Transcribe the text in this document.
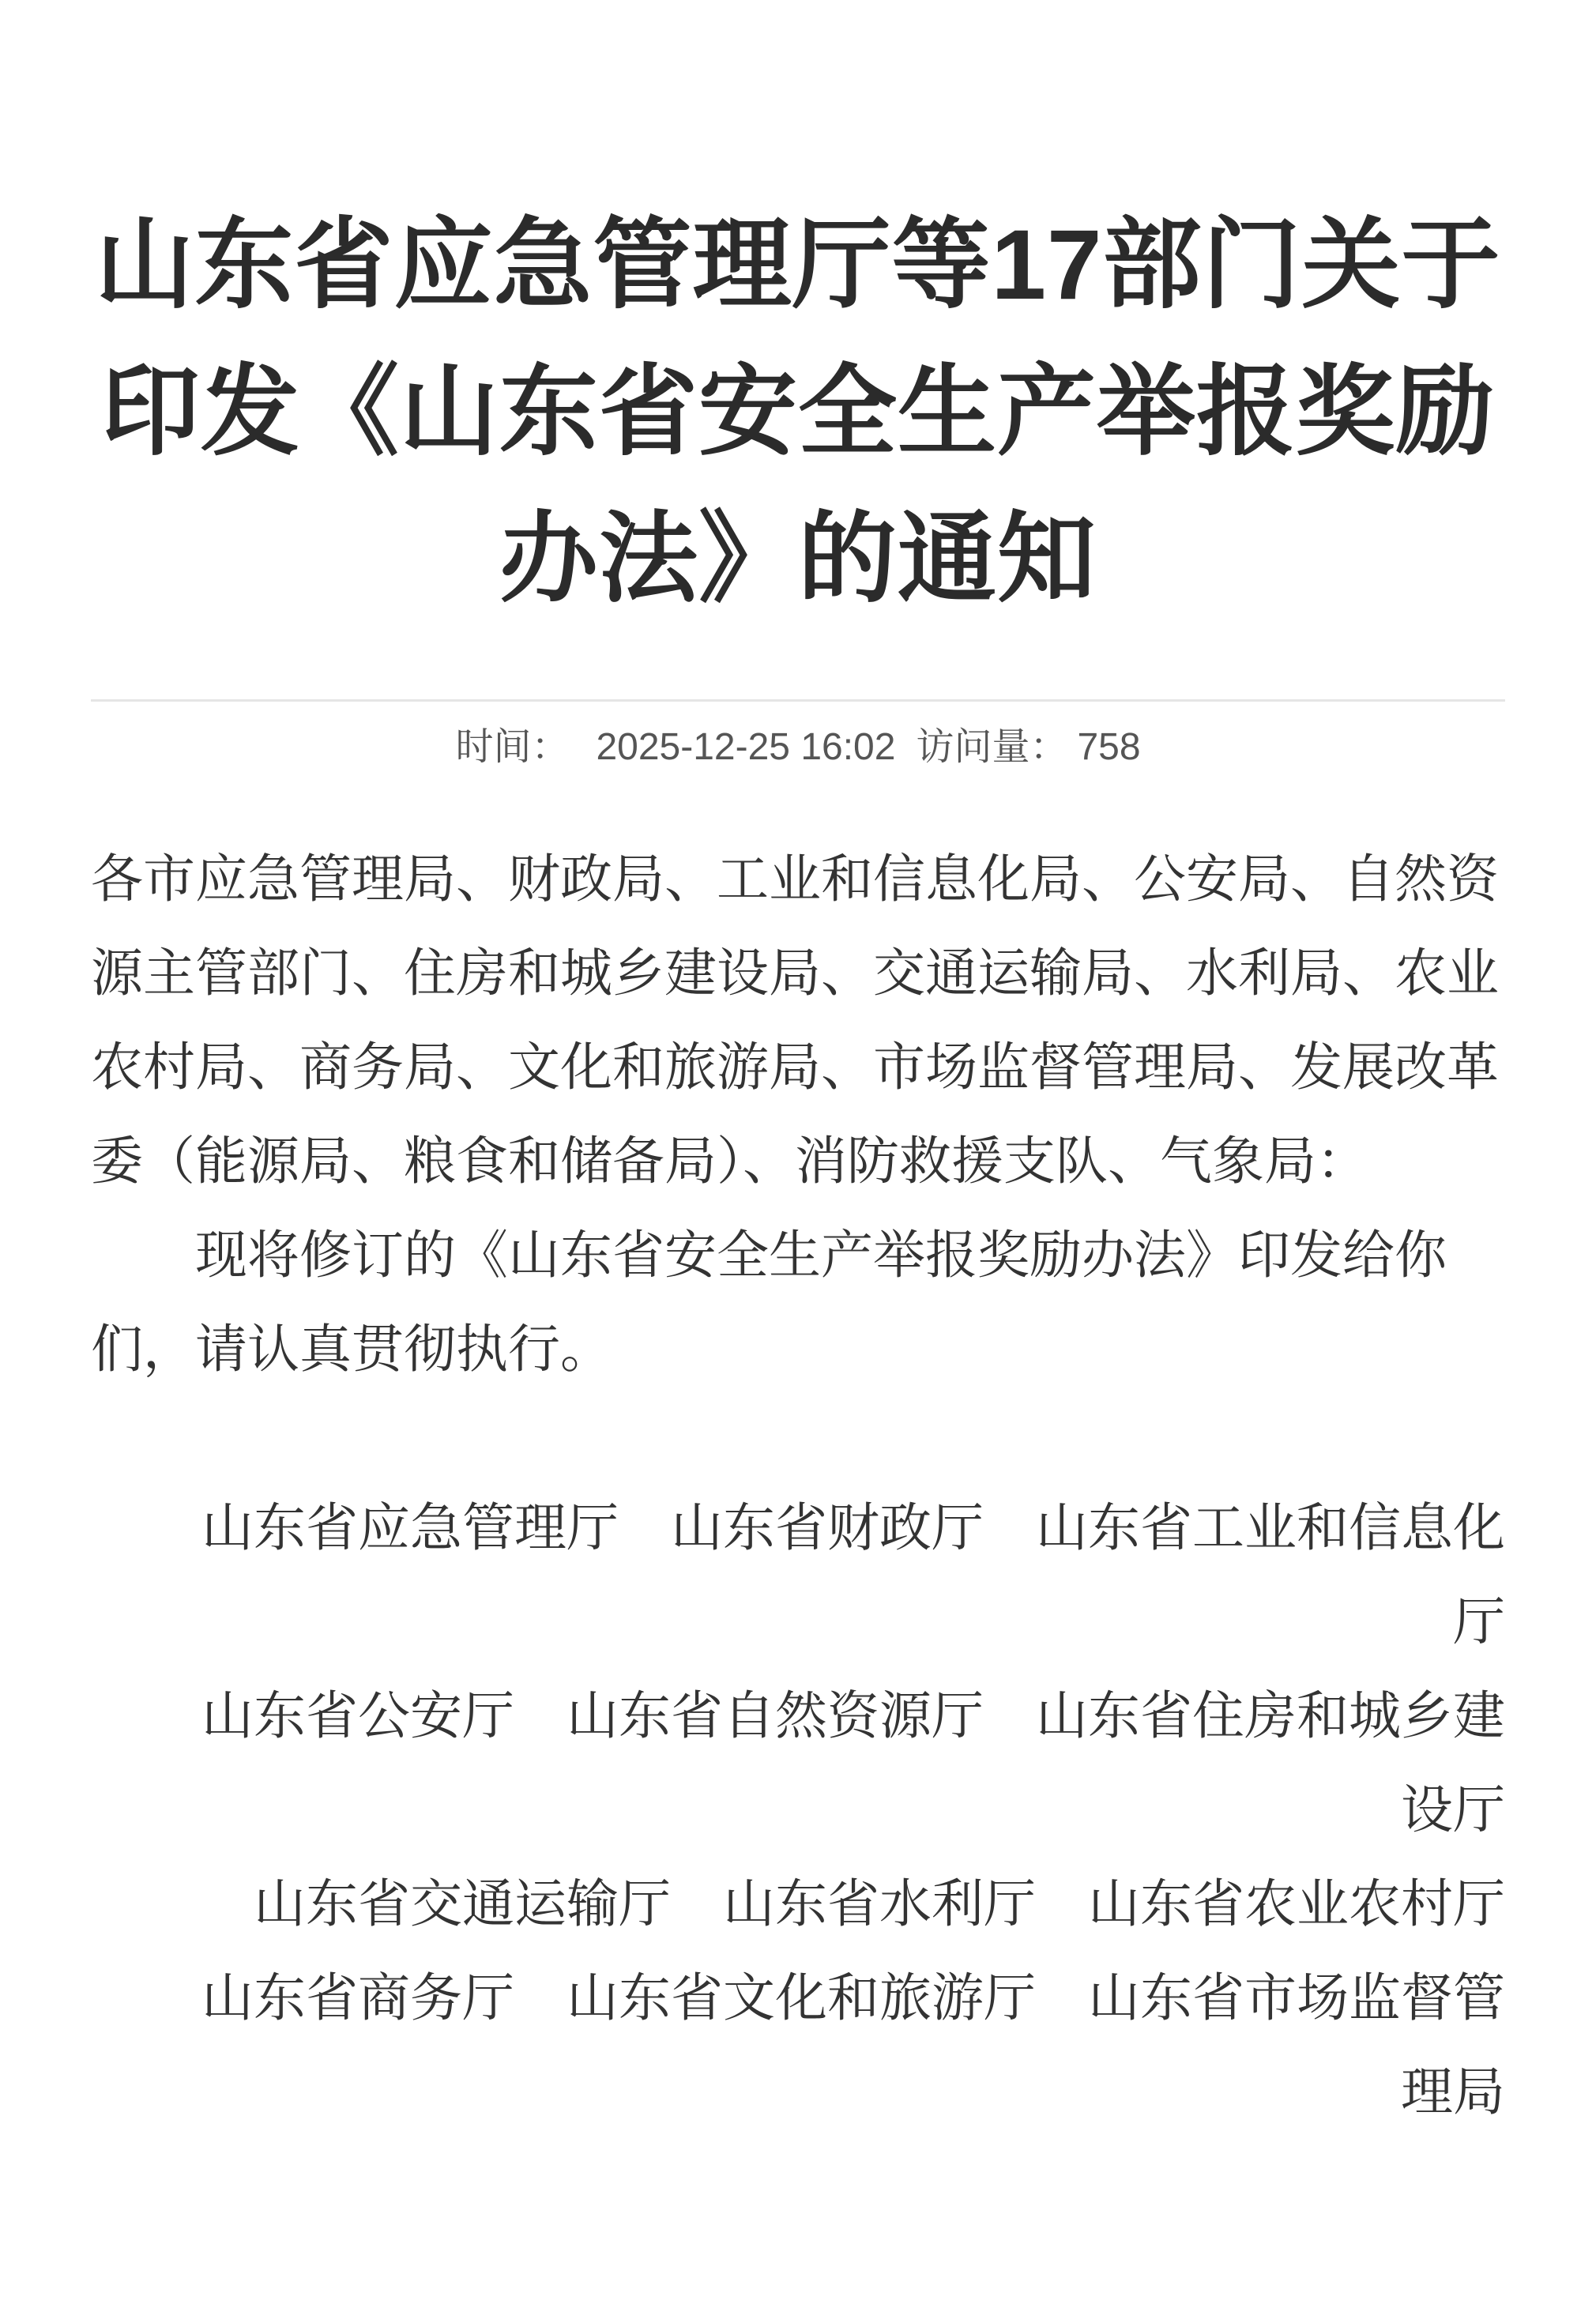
山东省应急管理厅等17部门关于
印发《山东省安全生产举报奖励
办法》的通知
时间： 2025-12-25 16:02 访问量： 758
各市应急管理局、财政局、工业和信息化局、公安局、自然资
源主管部门、住房和城乡建设局、交通运输局、水利局、农业
农村局、商务局、文化和旅游局、市场监督管理局、发展改革
委（能源局、粮食和储备局）、消防救援支队、气象局：
现将修订的《山东省安全生产举报奖励办法》印发给你
们，请认真贯彻执行。
山东省应急管理厅　山东省财政厅　山东省工业和信息化
厅
山东省公安厅　山东省自然资源厅　山东省住房和城乡建
设厅
山东省交通运输厅　山东省水利厅　山东省农业农村厅
山东省商务厅　山东省文化和旅游厅　山东省市场监督管
理局
